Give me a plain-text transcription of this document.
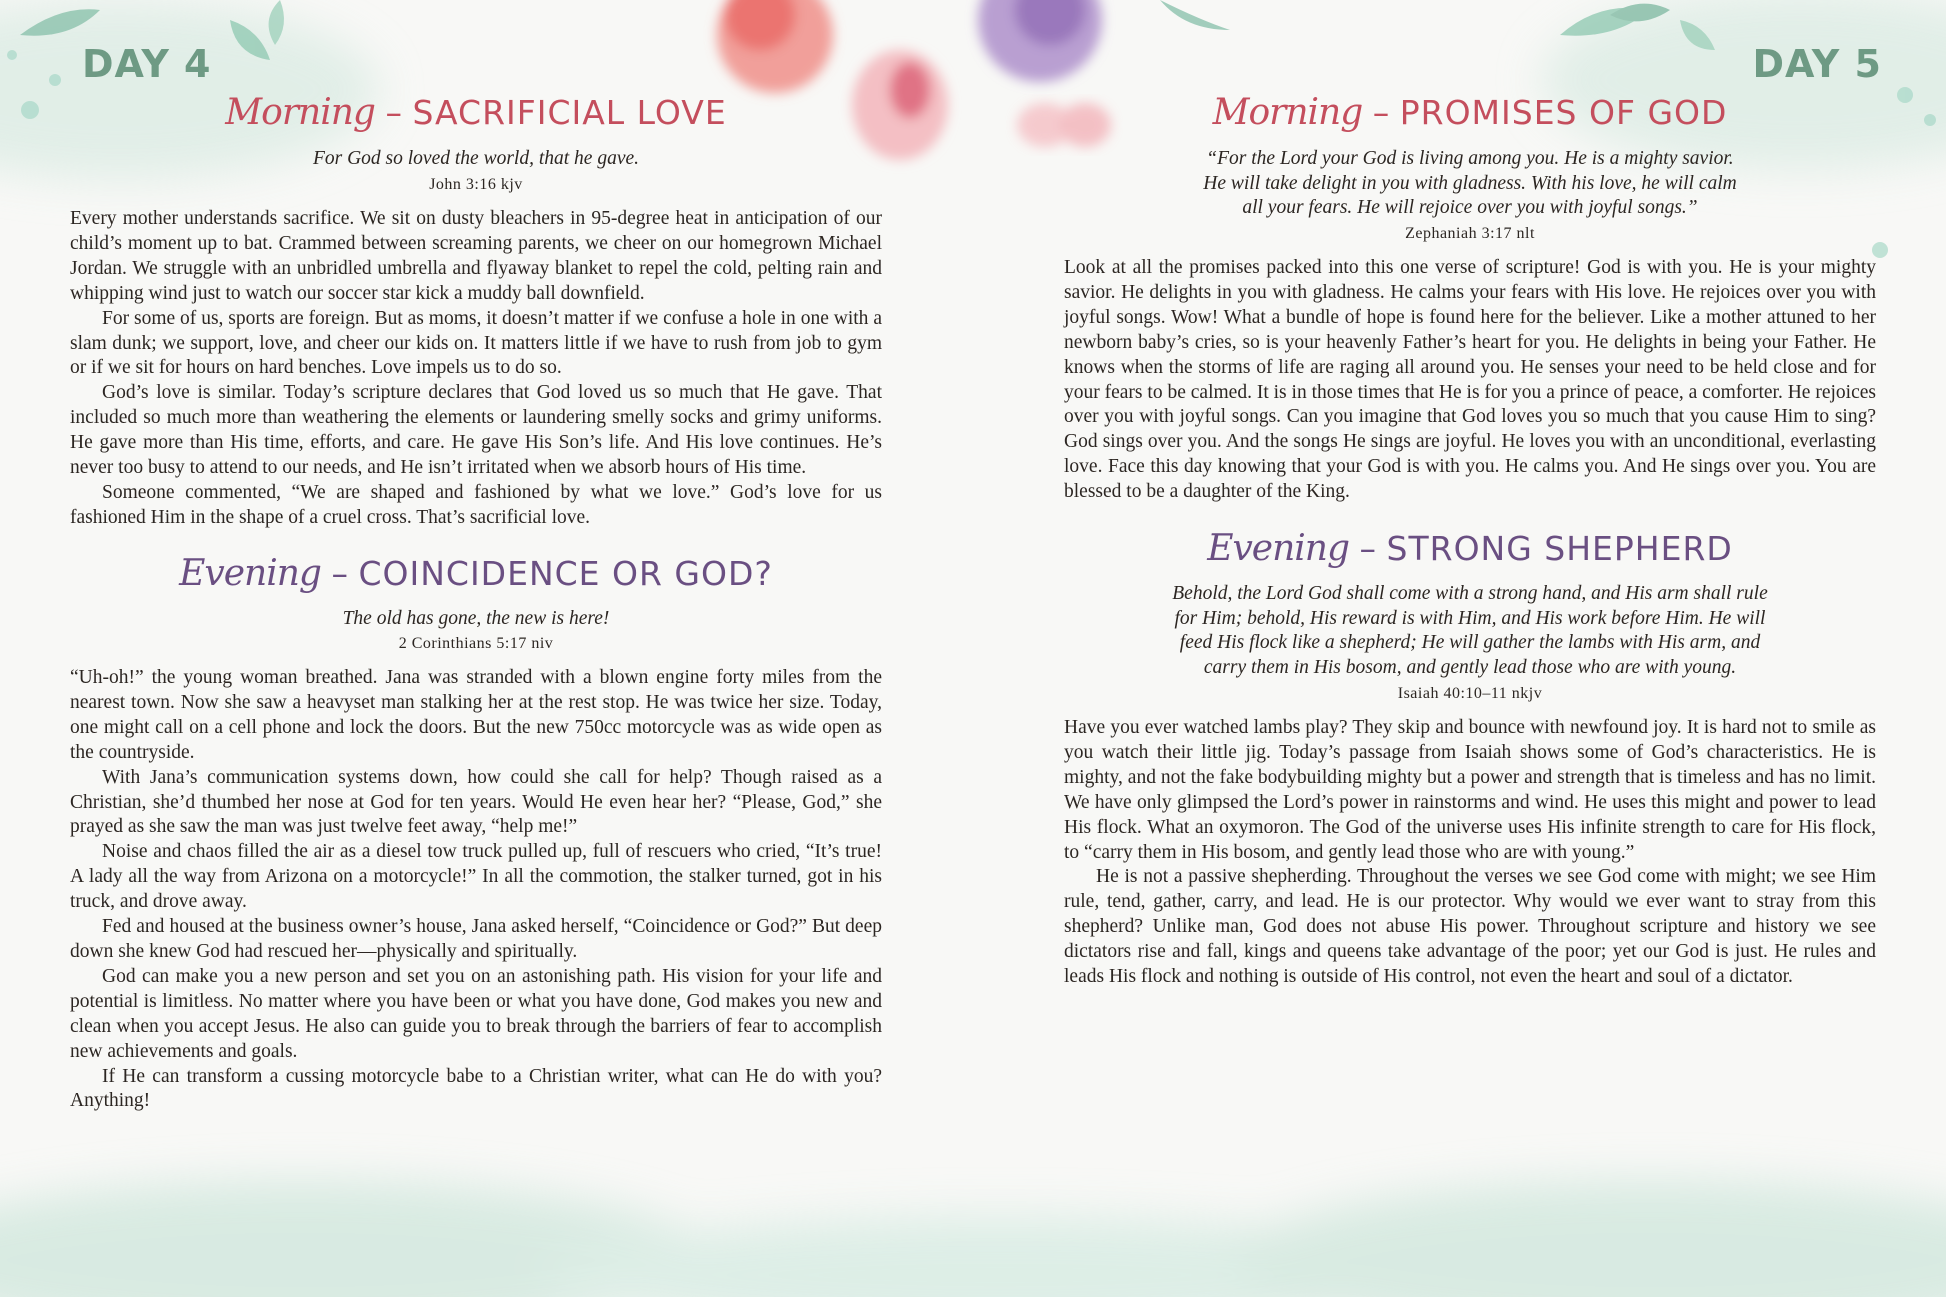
DAY 4
Morning – SACRIFICIAL LOVE
For God so loved the world, that he gave.
John 3:16 kjv

Every mother understands sacrifice. We sit on dusty bleachers in 95-degree heat in anticipation of our child’s moment up to bat. Crammed between screaming parents, we cheer on our homegrown Michael Jordan. We struggle with an unbridled umbrella and flyaway blanket to repel the cold, pelting rain and whipping wind just to watch our soccer star kick a muddy ball downfield.

For some of us, sports are foreign. But as moms, it doesn’t matter if we confuse a hole in one with a slam dunk; we support, love, and cheer our kids on. It matters little if we have to rush from job to gym or if we sit for hours on hard benches. Love impels us to do so.

God’s love is similar. Today’s scripture declares that God loved us so much that He gave. That included so much more than weathering the elements or laundering smelly socks and grimy uniforms. He gave more than His time, efforts, and care. He gave His Son’s life. And His love continues. He’s never too busy to attend to our needs, and He isn’t irritated when we absorb hours of His time.

Someone commented, “We are shaped and fashioned by what we love.” God’s love for us fashioned Him in the shape of a cruel cross. That’s sacrificial love.

Evening – COINCIDENCE OR GOD?
The old has gone, the new is here!
2 Corinthians 5:17 niv

“Uh-oh!” the young woman breathed. Jana was stranded with a blown engine forty miles from the nearest town. Now she saw a heavyset man stalking her at the rest stop. He was twice her size. Today, one might call on a cell phone and lock the doors. But the new 750cc motorcycle was as wide open as the countryside.

With Jana’s communication systems down, how could she call for help? Though raised as a Christian, she’d thumbed her nose at God for ten years. Would He even hear her? “Please, God,” she prayed as she saw the man was just twelve feet away, “help me!”

Noise and chaos filled the air as a diesel tow truck pulled up, full of rescuers who cried, “It’s true! A lady all the way from Arizona on a motorcycle!” In all the commotion, the stalker turned, got in his truck, and drove away.

Fed and housed at the business owner’s house, Jana asked herself, “Coincidence or God?” But deep down she knew God had rescued her—physically and spiritually.

God can make you a new person and set you on an astonishing path. His vision for your life and potential is limitless. No matter where you have been or what you have done, God makes you new and clean when you accept Jesus. He also can guide you to break through the barriers of fear to accomplish new achievements and goals.

If He can transform a cussing motorcycle babe to a Christian writer, what can He do with you? Anything!

DAY 5
Morning – PROMISES OF GOD
“For the Lord your God is living among you. He is a mighty savior.
He will take delight in you with gladness. With his love, he will calm
all your fears. He will rejoice over you with joyful songs.”
Zephaniah 3:17 nlt

Look at all the promises packed into this one verse of scripture! God is with you. He is your mighty savior. He delights in you with gladness. He calms your fears with His love. He rejoices over you with joyful songs. Wow! What a bundle of hope is found here for the believer. Like a mother attuned to her newborn baby’s cries, so is your heavenly Father’s heart for you. He delights in being your Father. He knows when the storms of life are raging all around you. He senses your need to be held close and for your fears to be calmed. It is in those times that He is for you a prince of peace, a comforter. He rejoices over you with joyful songs. Can you imagine that God loves you so much that you cause Him to sing? God sings over you. And the songs He sings are joyful. He loves you with an unconditional, everlasting love. Face this day knowing that your God is with you. He calms you. And He sings over you. You are blessed to be a daughter of the King.

Evening – STRONG SHEPHERD
Behold, the Lord God shall come with a strong hand, and His arm shall rule
for Him; behold, His reward is with Him, and His work before Him. He will
feed His flock like a shepherd; He will gather the lambs with His arm, and
carry them in His bosom, and gently lead those who are with young.
Isaiah 40:10–11 nkjv

Have you ever watched lambs play? They skip and bounce with newfound joy. It is hard not to smile as you watch their little jig. Today’s passage from Isaiah shows some of God’s characteristics. He is mighty, and not the fake bodybuilding mighty but a power and strength that is timeless and has no limit. We have only glimpsed the Lord’s power in rainstorms and wind. He uses this might and power to lead His flock. What an oxymoron. The God of the universe uses His infinite strength to care for His flock, to “carry them in His bosom, and gently lead those who are with young.”

He is not a passive shepherding. Throughout the verses we see God come with might; we see Him rule, tend, gather, carry, and lead. He is our protector. Why would we ever want to stray from this shepherd? Unlike man, God does not abuse His power. Throughout scripture and history we see dictators rise and fall, kings and queens take advantage of the poor; yet our God is just. He rules and leads His flock and nothing is outside of His control, not even the heart and soul of a dictator.
